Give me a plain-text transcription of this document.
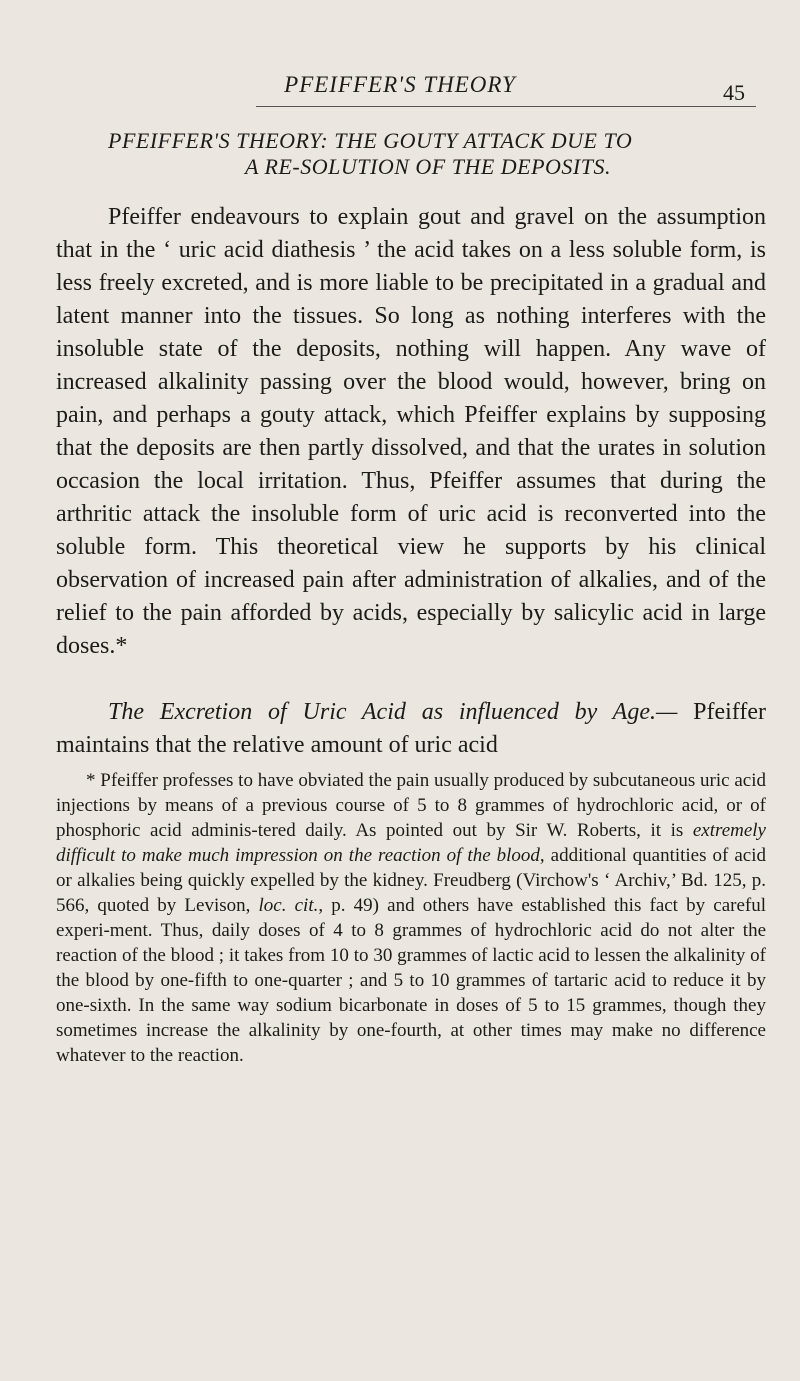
PFEIFFER'S THEORY	45
PFEIFFER'S THEORY: THE GOUTY ATTACK DUE TO
A RE-SOLUTION OF THE DEPOSITS.

Pfeiffer endeavours to explain gout and gravel on the assumption that in the ‘ uric acid diathesis ’ the acid takes on a less soluble form, is less freely excreted, and is more liable to be precipitated in a gradual and latent manner into the tissues. So long as nothing interferes with the insoluble state of the deposits, nothing will happen. Any wave of increased alkalinity passing over the blood would, however, bring on pain, and perhaps a gouty attack, which Pfeiffer explains by supposing that the deposits are then partly dissolved, and that the urates in solution occasion the local irritation. Thus, Pfeiffer assumes that during the arthritic attack the insoluble form of uric acid is reconverted into the soluble form. This theoretical view he supports by his clinical observation of increased pain after administration of alkalies, and of the relief to the pain afforded by acids, especially by salicylic acid in large doses.*

The Excretion of Uric Acid as influenced by Age.— Pfeiffer maintains that the relative amount of uric acid

* Pfeiffer professes to have obviated the pain usually produced by subcutaneous uric acid injections by means of a previous course of 5 to 8 grammes of hydrochloric acid, or of phosphoric acid adminis-tered daily. As pointed out by Sir W. Roberts, it is extremely difficult to make much impression on the reaction of the blood, additional quantities of acid or alkalies being quickly expelled by the kidney. Freudberg (Virchow's ‘ Archiv,’ Bd. 125, p. 566, quoted by Levison, loc. cit., p. 49) and others have established this fact by careful experi-ment. Thus, daily doses of 4 to 8 grammes of hydrochloric acid do not alter the reaction of the blood ; it takes from 10 to 30 grammes of lactic acid to lessen the alkalinity of the blood by one-fifth to one-quarter ; and 5 to 10 grammes of tartaric acid to reduce it by one-sixth. In the same way sodium bicarbonate in doses of 5 to 15 grammes, though they sometimes increase the alkalinity by one-fourth, at other times may make no difference whatever to the reaction.
